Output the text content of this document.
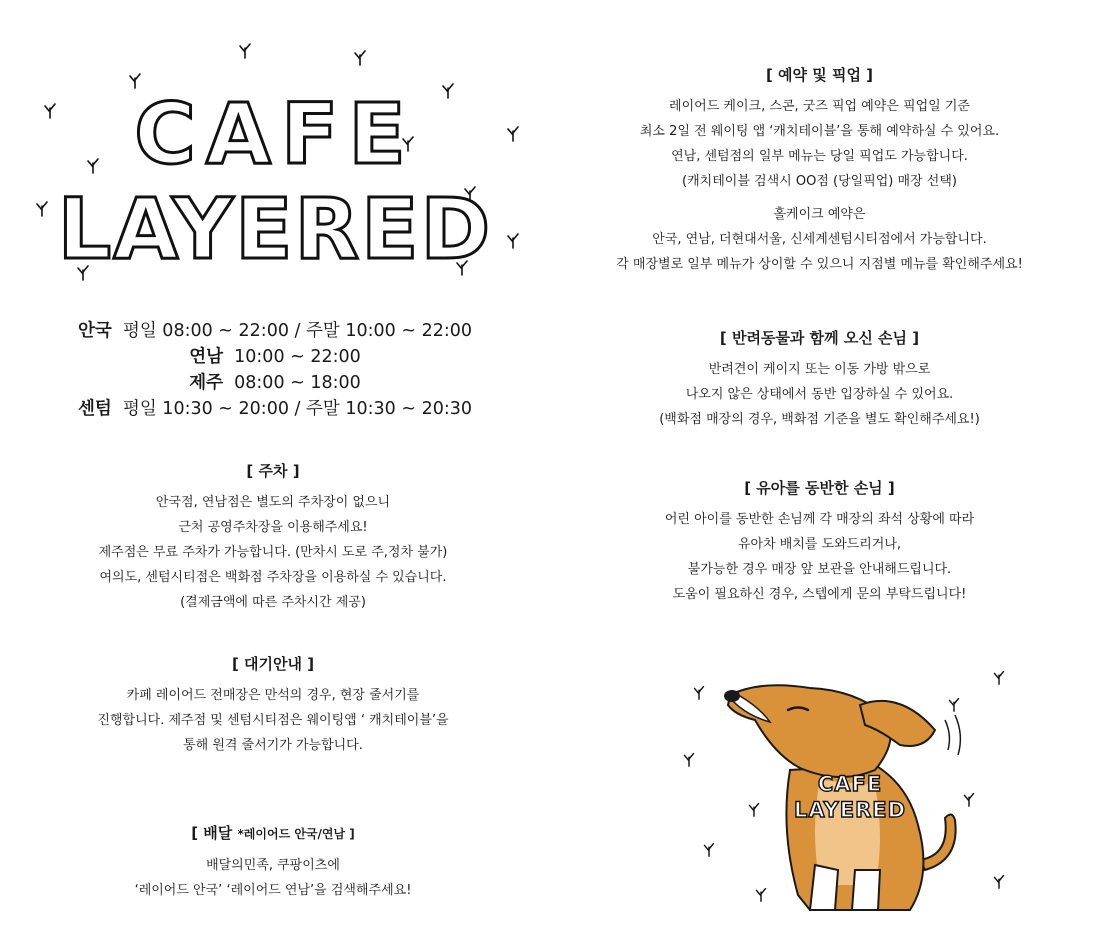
CAFE
LAYERED
안국 평일 08:00 ~ 22:00 / 주말 10:00 ~ 22:00
연남 10:00 ~ 22:00
제주 08:00 ~ 18:00
센텀 평일 10:30 ~ 20:00 / 주말 10:30 ~ 20:30
[ 주차 ]
안국점, 연남점은 별도의 주차장이 없으니
근처 공영주차장을 이용해주세요!
제주점은 무료 주차가 가능합니다. (만차시 도로 주,정차 불가)
여의도, 센텀시티점은 백화점 주차장을 이용하실 수 있습니다.
(결제금액에 따른 주차시간 제공)
[ 대기안내 ]
카페 레이어드 전매장은 만석의 경우, 현장 줄서기를
진행합니다. 제주점 및 센텀시티점은 웨이팅앱 ‘ 캐치테이블’을
통해 원격 줄서기가 가능합니다.
[ 배달 *레이어드 안국/연남 ]
배달의민족, 쿠팡이츠에
‘레이어드 안국’ ‘레이어드 연남’을 검색해주세요!
[ 예약 및 픽업 ]
레이어드 케이크, 스콘, 굿즈 픽업 예약은 픽업일 기준
최소 2일 전 웨이팅 앱 ‘캐치테이블’을 통해 예약하실 수 있어요.
연남, 센텀점의 일부 메뉴는 당일 픽업도 가능합니다.
(캐치테이블 검색시 OO점 (당일픽업) 매장 선택)
홀케이크 예약은
안국, 연남, 더현대서울, 신세계센텀시티점에서 가능합니다.
각 매장별로 일부 메뉴가 상이할 수 있으니 지점별 메뉴를 확인해주세요!
[ 반려동물과 함께 오신 손님 ]
반려견이 케이지 또는 이동 가방 밖으로
나오지 않은 상태에서 동반 입장하실 수 있어요.
(백화점 매장의 경우, 백화점 기준을 별도 확인해주세요!)
[ 유아를 동반한 손님 ]
어린 아이를 동반한 손님께 각 매장의 좌석 상황에 따라
유아차 배치를 도와드리거나,
불가능한 경우 매장 앞 보관을 안내해드립니다.
도움이 필요하신 경우, 스텝에게 문의 부탁드립니다!
CAFE
LAYERED
